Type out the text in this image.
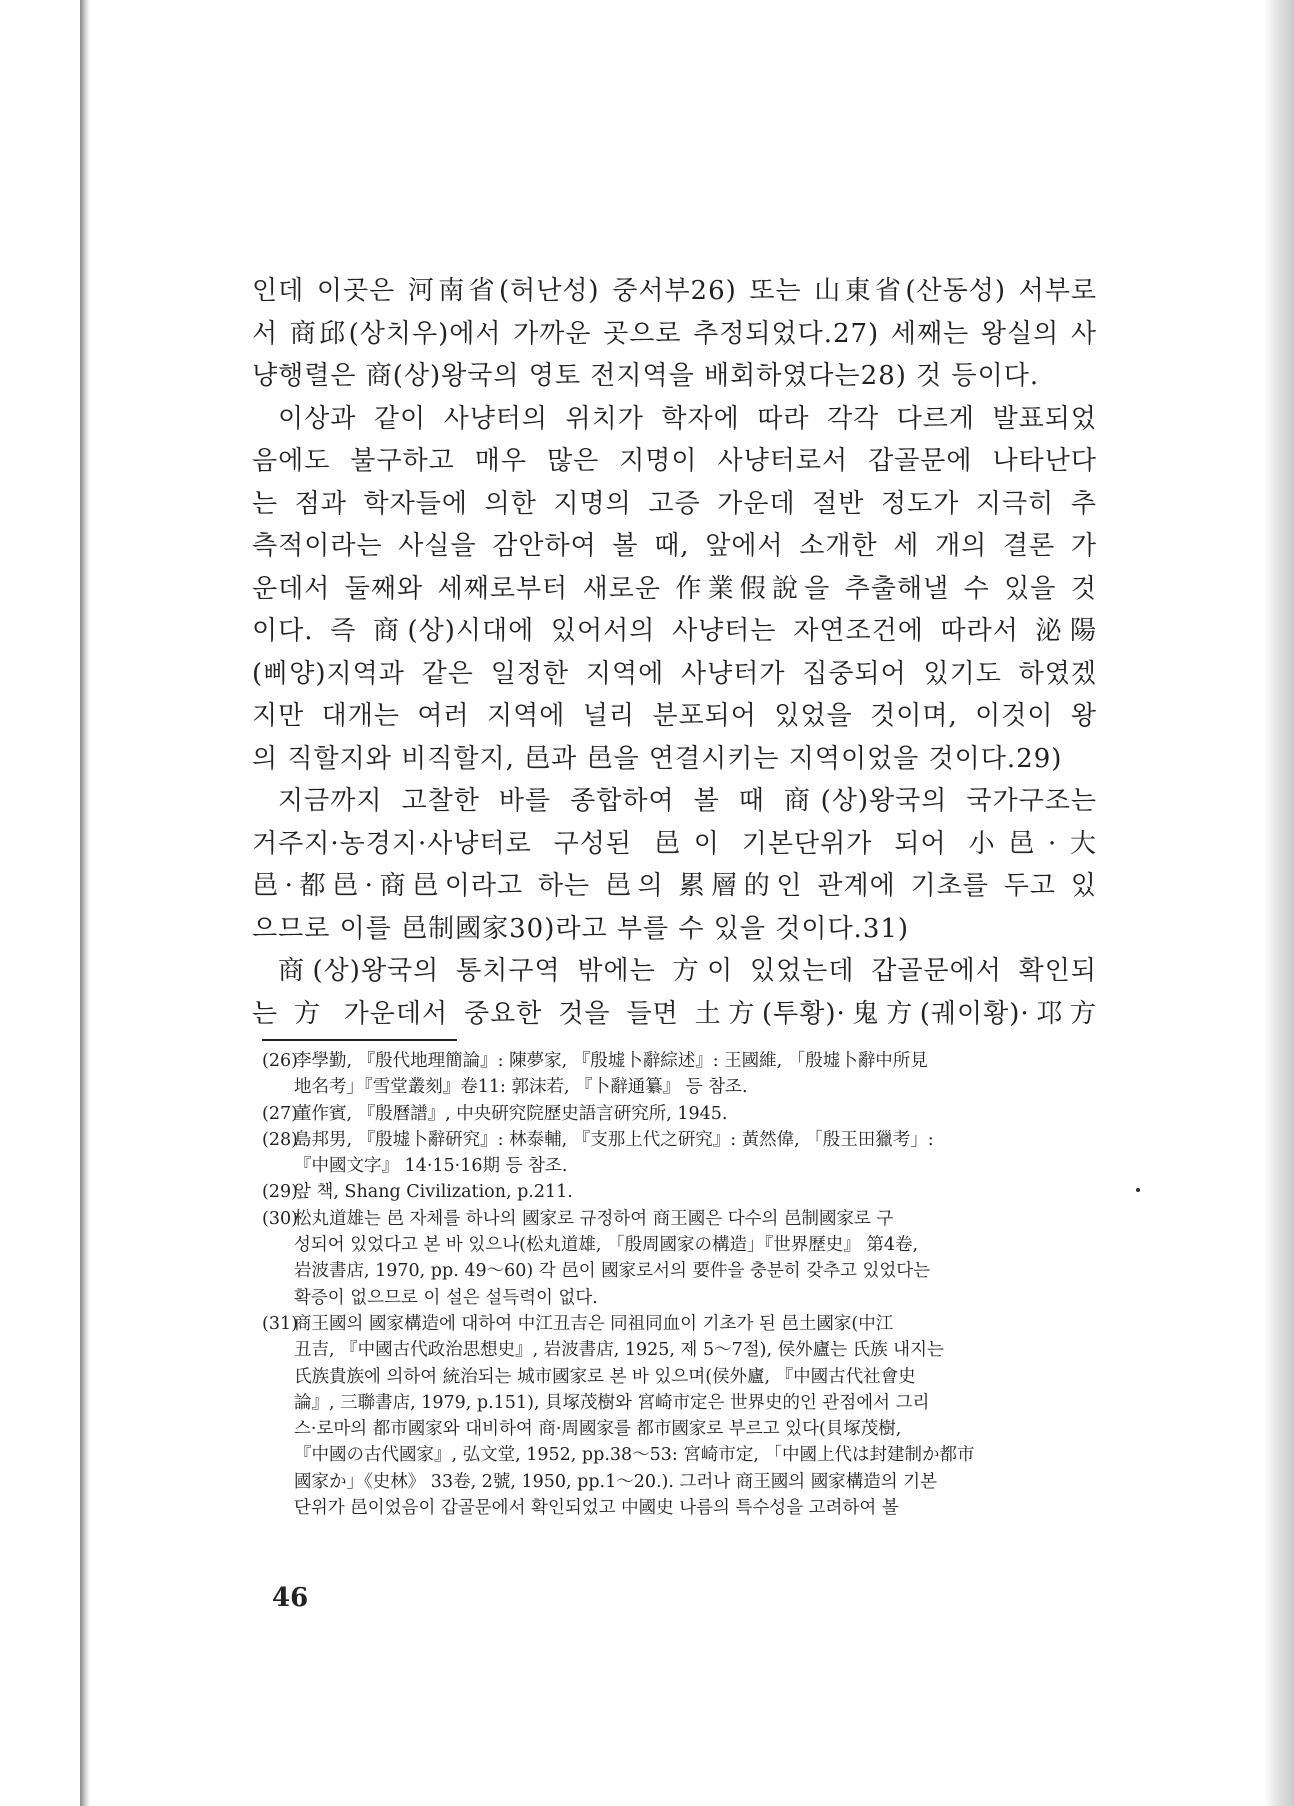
인데 이곳은 河南省(허난성) 중서부26) 또는 山東省(산동성) 서부로
서 商邱(상치우)에서 가까운 곳으로 추정되었다.27) 세째는 왕실의 사
냥행렬은 商(상)왕국의 영토 전지역을 배회하였다는28) 것 등이다.
이상과 같이 사냥터의 위치가 학자에 따라 각각 다르게 발표되었
음에도 불구하고 매우 많은 지명이 사냥터로서 갑골문에 나타난다
는 점과 학자들에 의한 지명의 고증 가운데 절반 정도가 지극히 추
측적이라는 사실을 감안하여 볼 때, 앞에서 소개한 세 개의 결론 가
운데서 둘째와 세째로부터 새로운 作業假說을 추출해낼 수 있을 것
이다. 즉 商(상)시대에 있어서의 사냥터는 자연조건에 따라서 泌陽
(삐양)지역과 같은 일정한 지역에 사냥터가 집중되어 있기도 하였겠
지만 대개는 여러 지역에 널리 분포되어 있었을 것이며, 이것이 왕
의 직할지와 비직할지, 邑과 邑을 연결시키는 지역이었을 것이다.29)
지금까지 고찰한 바를 종합하여 볼 때 商(상)왕국의 국가구조는
거주지·농경지·사냥터로 구성된 邑이 기본단위가 되어 小邑·大
邑·都邑·商邑이라고 하는 邑의 累層的인 관계에 기초를 두고 있
으므로 이를 邑制國家30)라고 부를 수 있을 것이다.31)
商(상)왕국의 통치구역 밖에는 方이 있었는데 갑골문에서 확인되
는 方 가운데서 중요한 것을 들면 土方(투황)·鬼方(궤이황)·邛方
(26)李學勤, 『殷代地理簡論』: 陳夢家, 『殷墟卜辭綜述』: 王國維, 「殷墟卜辭中所見
地名考」『雪堂叢刻』卷11: 郭沫若, 『卜辭通纂』 등 참조.
(27)董作賓, 『殷曆譜』, 中央硏究院歷史語言硏究所, 1945.
(28)島邦男, 『殷墟卜辭硏究』: 林泰輔, 『支那上代之硏究』: 黃然偉, 「殷王田獵考」:
『中國文字』 14·15·16期 등 참조.
(29)앞 책, Shang Civilization, p.211.
(30)松丸道雄는 邑 자체를 하나의 國家로 규정하여 商王國은 다수의 邑制國家로 구
성되어 있었다고 본 바 있으나(松丸道雄, 「殷周國家の構造」『世界歷史』 第4卷,
岩波書店, 1970, pp. 49～60) 각 邑이 國家로서의 要件을 충분히 갖추고 있었다는
확증이 없으므로 이 설은 설득력이 없다.
(31)商王國의 國家構造에 대하여 中江丑吉은 同祖同血이 기초가 된 邑土國家(中江
丑吉, 『中國古代政治思想史』, 岩波書店, 1925, 제 5～7절), 侯外廬는 氏族 내지는
氏族貴族에 의하여 統治되는 城市國家로 본 바 있으며(侯外廬, 『中國古代社會史
論』, 三聯書店, 1979, p.151), 貝塚茂樹와 宮崎市定은 世界史的인 관점에서 그리
스·로마의 都市國家와 대비하여 商·周國家를 都市國家로 부르고 있다(貝塚茂樹,
『中國の古代國家』, 弘文堂, 1952, pp.38～53: 宮崎市定, 「中國上代は封建制か都市
國家か」《史林》 33卷, 2號, 1950, pp.1～20.). 그러나 商王國의 國家構造의 기본
단위가 邑이었음이 갑골문에서 확인되었고 中國史 나름의 특수성을 고려하여 볼
46
